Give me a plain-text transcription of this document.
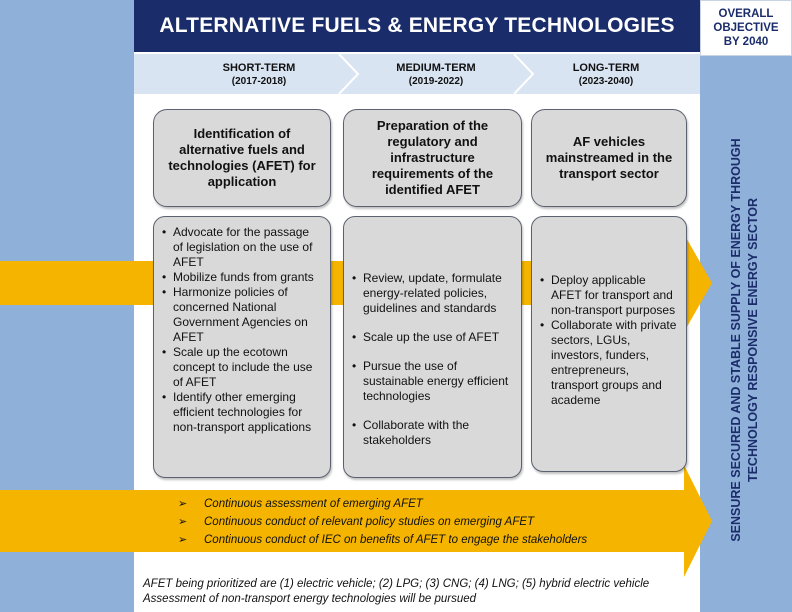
ALTERNATIVE FUELS & ENERGY TECHNOLOGIES	OVERALL
OBJECTIVE
BY 2040
SHORT-TERM
(2017-2018)
MEDIUM-TERM
(2019-2022)
LONG-TERM
(2023-2040)
Identification of alternative fuels and technologies (AFET) for application
Preparation of the regulatory and infrastructure requirements of the identified AFET
AF vehicles mainstreamed in the transport sector
• Advocate for the passage of legislation on the use of AFET
• Mobilize funds from grants
• Harmonize policies of concerned National Government Agencies on AFET
• Scale up the ecotown concept to include the use of AFET
• Identify other emerging efficient technologies for non-transport applications
• Review, update, formulate energy-related policies, guidelines and standards
• Scale up the use of AFET
• Pursue the use of sustainable energy efficient technologies
• Collaborate with the stakeholders
• Deploy applicable AFET for transport and non-transport purposes
• Collaborate with private sectors, LGUs, investors, funders, entrepreneurs, transport groups and academe
➢ Continuous assessment of emerging AFET
➢ Continuous conduct of relevant policy studies on emerging AFET
➢ Continuous conduct of IEC on benefits of AFET to engage the stakeholders
AFET being prioritized are (1) electric vehicle; (2) LPG; (3) CNG; (4) LNG; (5) hybrid electric vehicle
Assessment of non-transport energy technologies will be pursued
SENSURE SECURED AND STABLE SUPPLY OF ENERGY THROUGH TECHNOLOGY RESPONSIVE ENERGY SECTOR
